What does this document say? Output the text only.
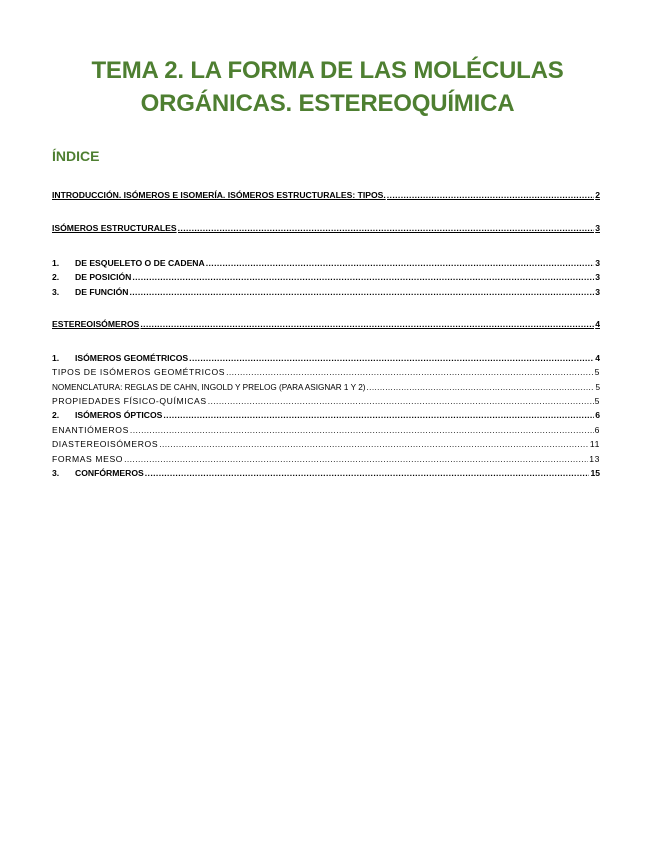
TEMA 2. LA FORMA DE LAS MOLÉCULAS
ORGÁNICAS. ESTEREOQUÍMICA
ÍNDICE
INTRODUCCIÓN. ISÓMEROS E ISOMERÍA. ISÓMEROS ESTRUCTURALES: TIPOS. .....	2
ISÓMEROS ESTRUCTURALES .....	3
1. DE ESQUELETO O DE CADENA .....	3
2. DE POSICIÓN .....	3
3. DE FUNCIÓN .....	3
ESTEREOISÓMEROS .....	4
1. ISÓMEROS GEOMÉTRICOS .....	4
TIPOS DE ISÓMEROS GEOMÉTRICOS .....	5
NOMENCLATURA: REGLAS DE CAHN, INGOLD Y PRELOG (PARA ASIGNAR 1 Y 2) .....	5
PROPIEDADES FÍSICO-QUÍMICAS .....	5
2. ISÓMEROS ÓPTICOS .....	6
ENANTIÓMEROS .....	6
DIASTEREOISÓMEROS .....	11
FORMAS MESO .....	13
3. CONFÓRMEROS .....	15
